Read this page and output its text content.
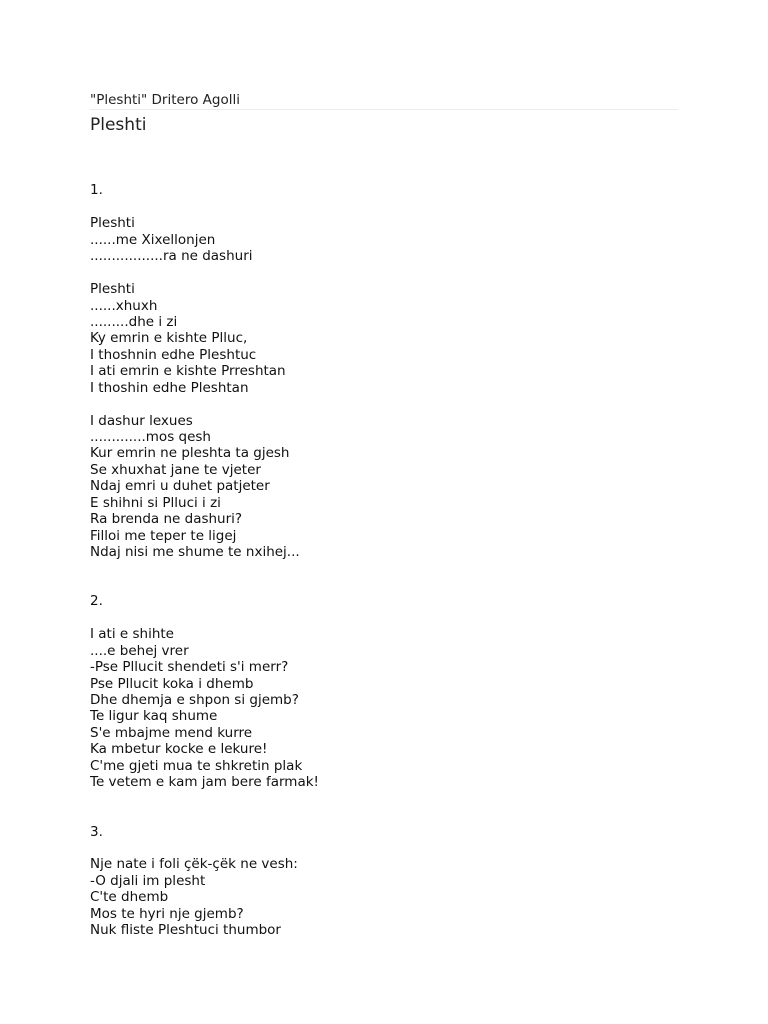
"Pleshti" Dritero Agolli
Pleshti
1.
Pleshti
......me Xixellonjen
.................ra ne dashuri
Pleshti
......xhuxh
.........dhe i zi
Ky emrin e kishte Plluc,
I thoshnin edhe Pleshtuc
I ati emrin e kishte Prreshtan
I thoshin edhe Pleshtan
I dashur lexues
.............mos qesh
Kur emrin ne pleshta ta gjesh
Se xhuxhat jane te vjeter
Ndaj emri u duhet patjeter
E shihni si Plluci i zi
Ra brenda ne dashuri?
Filloi me teper te ligej
Ndaj nisi me shume te nxihej...
2.
I ati e shihte
....e behej vrer
-Pse Pllucit shendeti s'i merr?
Pse Pllucit koka i dhemb
Dhe dhemja e shpon si gjemb?
Te ligur kaq shume
S'e mbajme mend kurre
Ka mbetur kocke e lekure!
C'me gjeti mua te shkretin plak
Te vetem e kam jam bere farmak!
3.
Nje nate i foli çëk-çëk ne vesh:
-O djali im plesht
C'te dhemb
Mos te hyri nje gjemb?
Nuk fliste Pleshtuci thumbor
